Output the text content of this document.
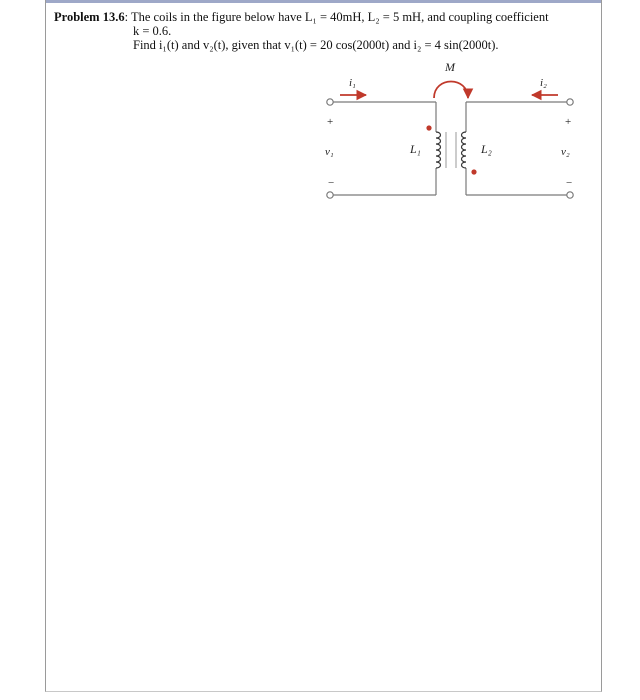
Problem 13.6: The coils in the figure below have L₁ = 40mH, L₂ = 5 mH, and coupling coefficient
k = 0.6.
Find i₁(t) and v₂(t), given that v₁(t) = 20 cos(2000t) and i₂ = 4 sin(2000t).
M
L₁	L₂
+
v₁
−
+
v₂
−
i₁	i₂
